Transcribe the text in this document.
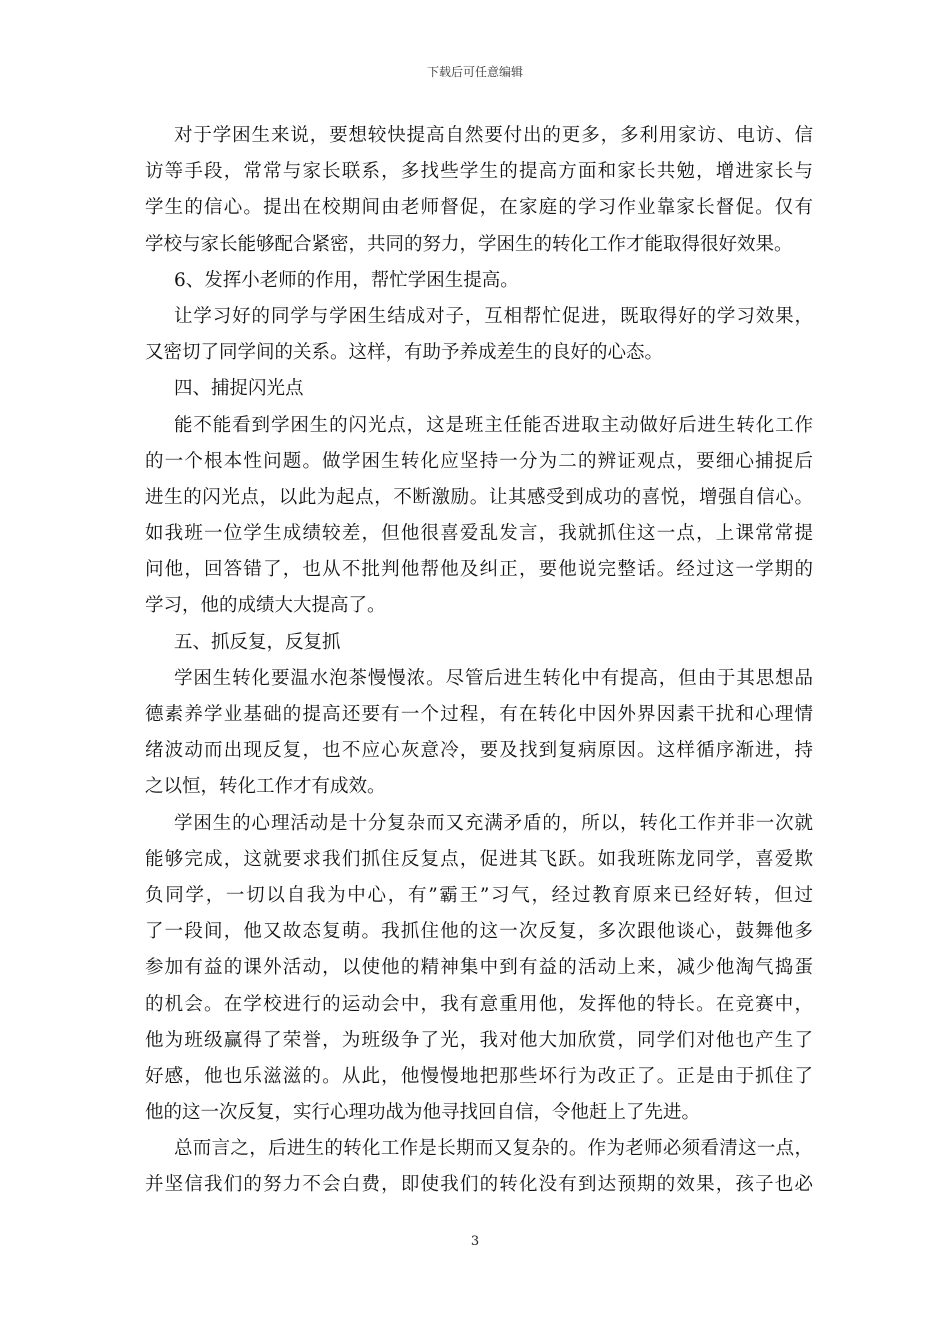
下载后可任意编辑
对于学困生来说，要想较快提高自然要付出的更多，多利用家访、电访、信
访等手段，常常与家长联系，多找些学生的提高方面和家长共勉，增进家长与
学生的信心。提出在校期间由老师督促，在家庭的学习作业靠家长督促。仅有
学校与家长能够配合紧密，共同的努力，学困生的转化工作才能取得很好效果。
6、发挥小老师的作用，帮忙学困生提高。
让学习好的同学与学困生结成对子，互相帮忙促进，既取得好的学习效果，
又密切了同学间的关系。这样，有助予养成差生的良好的心态。
四、捕捉闪光点
能不能看到学困生的闪光点，这是班主任能否进取主动做好后进生转化工作
的一个根本性问题。做学困生转化应坚持一分为二的辨证观点，要细心捕捉后
进生的闪光点，以此为起点，不断激励。让其感受到成功的喜悦，增强自信心。
如我班一位学生成绩较差，但他很喜爱乱发言，我就抓住这一点，上课常常提
问他，回答错了，也从不批判他帮他及纠正，要他说完整话。经过这一学期的
学习，他的成绩大大提高了。
五、抓反复，反复抓
学困生转化要温水泡茶慢慢浓。尽管后进生转化中有提高，但由于其思想品
德素养学业基础的提高还要有一个过程，有在转化中因外界因素干扰和心理情
绪波动而出现反复，也不应心灰意冷，要及找到复病原因。这样循序渐进，持
之以恒，转化工作才有成效。
学困生的心理活动是十分复杂而又充满矛盾的，所以，转化工作并非一次就
能够完成，这就要求我们抓住反复点，促进其飞跃。如我班陈龙同学，喜爱欺
负同学，一切以自我为中心，有”霸王”习气，经过教育原来已经好转，但过
了一段间，他又故态复萌。我抓住他的这一次反复，多次跟他谈心，鼓舞他多
参加有益的课外活动，以使他的精神集中到有益的活动上来，减少他淘气捣蛋
的机会。在学校进行的运动会中，我有意重用他，发挥他的特长。在竞赛中，
他为班级赢得了荣誉，为班级争了光，我对他大加欣赏，同学们对他也产生了
好感，他也乐滋滋的。从此，他慢慢地把那些坏行为改正了。正是由于抓住了
他的这一次反复，实行心理功战为他寻找回自信，令他赶上了先进。
总而言之，后进生的转化工作是长期而又复杂的。作为老师必须看清这一点，
并坚信我们的努力不会白费，即使我们的转化没有到达预期的效果，孩子也必
3
